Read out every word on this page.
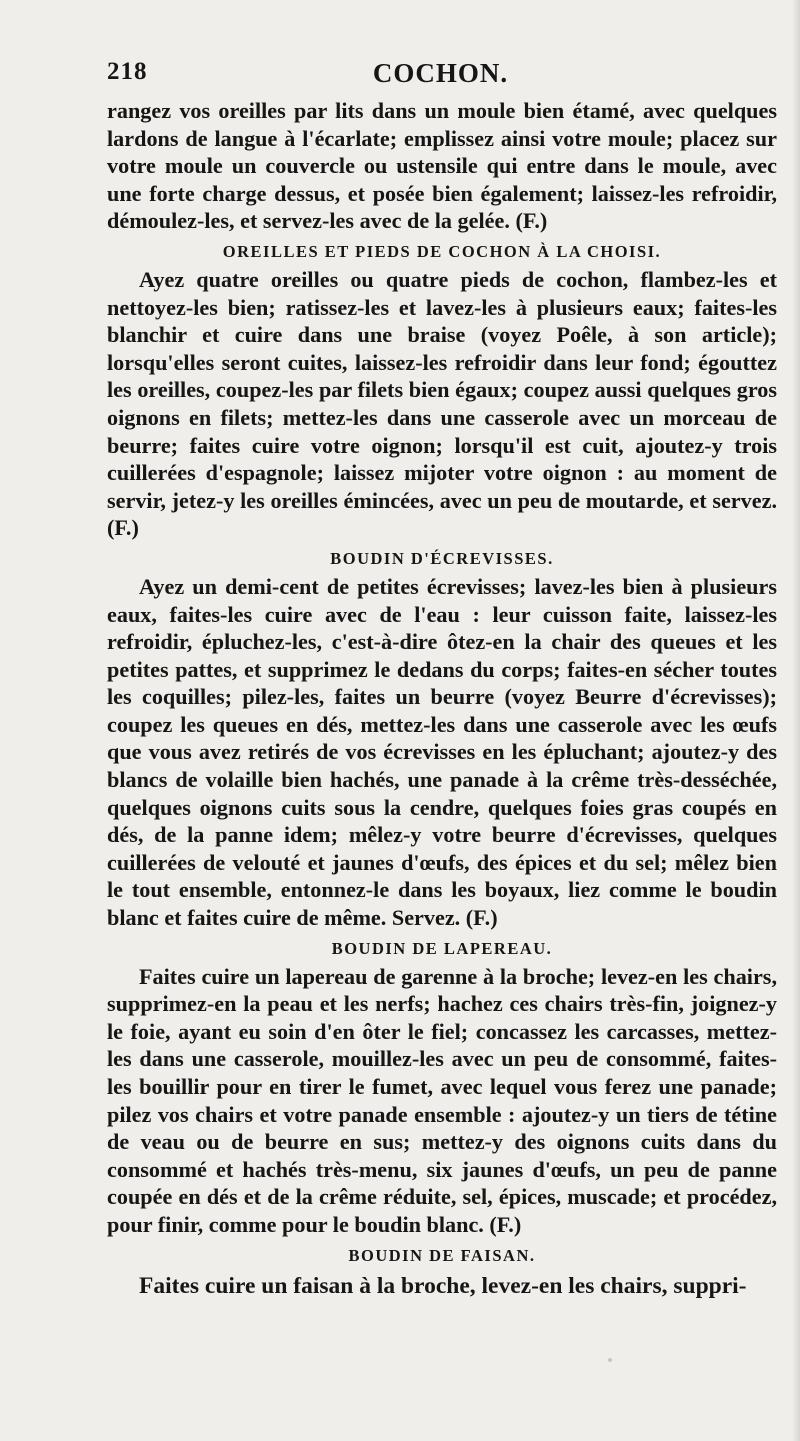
218	COCHON.

rangez vos oreilles par lits dans un moule bien étamé, avec quelques lardons de langue à l'écarlate; emplissez ainsi votre moule; placez sur votre moule un couvercle ou ustensile qui entre dans le moule, avec une forte charge dessus, et posée bien également; laissez-les refroidir, démoulez-les, et servez-les avec de la gelée. (F.)

OREILLES ET PIEDS DE COCHON À LA CHOISI.

Ayez quatre oreilles ou quatre pieds de cochon, flambez-les et nettoyez-les bien; ratissez-les et lavez-les à plusieurs eaux; faites-les blanchir et cuire dans une braise (voyez Poêle, à son article); lorsqu'elles seront cuites, laissez-les refroidir dans leur fond; égouttez les oreilles, coupez-les par filets bien égaux; coupez aussi quelques gros oignons en filets; mettez-les dans une casserole avec un morceau de beurre; faites cuire votre oignon; lorsqu'il est cuit, ajoutez-y trois cuillerées d'espagnole; laissez mijoter votre oignon : au moment de servir, jetez-y les oreilles émincées, avec un peu de moutarde, et servez. (F.)

BOUDIN D'ÉCREVISSES.

Ayez un demi-cent de petites écrevisses; lavez-les bien à plusieurs eaux, faites-les cuire avec de l'eau : leur cuisson faite, laissez-les refroidir, épluchez-les, c'est-à-dire ôtez-en la chair des queues et les petites pattes, et supprimez le dedans du corps; faites-en sécher toutes les coquilles; pilez-les, faites un beurre (voyez Beurre d'écrevisses); coupez les queues en dés, mettez-les dans une casserole avec les œufs que vous avez retirés de vos écrevisses en les épluchant; ajoutez-y des blancs de volaille bien hachés, une panade à la crême très-desséchée, quelques oignons cuits sous la cendre, quelques foies gras coupés en dés, de la panne idem; mêlez-y votre beurre d'écrevisses, quelques cuillerées de velouté et jaunes d'œufs, des épices et du sel; mêlez bien le tout ensemble, entonnez-le dans les boyaux, liez comme le boudin blanc et faites cuire de même. Servez. (F.)

BOUDIN DE LAPEREAU.

Faites cuire un lapereau de garenne à la broche; levez-en les chairs, supprimez-en la peau et les nerfs; hachez ces chairs très-fin, joignez-y le foie, ayant eu soin d'en ôter le fiel; concassez les carcasses, mettez-les dans une casserole, mouillez-les avec un peu de consommé, faites-les bouillir pour en tirer le fumet, avec lequel vous ferez une panade; pilez vos chairs et votre panade ensemble : ajoutez-y un tiers de tétine de veau ou de beurre en sus; mettez-y des oignons cuits dans du consommé et hachés très-menu, six jaunes d'œufs, un peu de panne coupée en dés et de la crême réduite, sel, épices, muscade; et procédez, pour finir, comme pour le boudin blanc. (F.)

BOUDIN DE FAISAN.

Faites cuire un faisan à la broche, levez-en les chairs, suppri-
